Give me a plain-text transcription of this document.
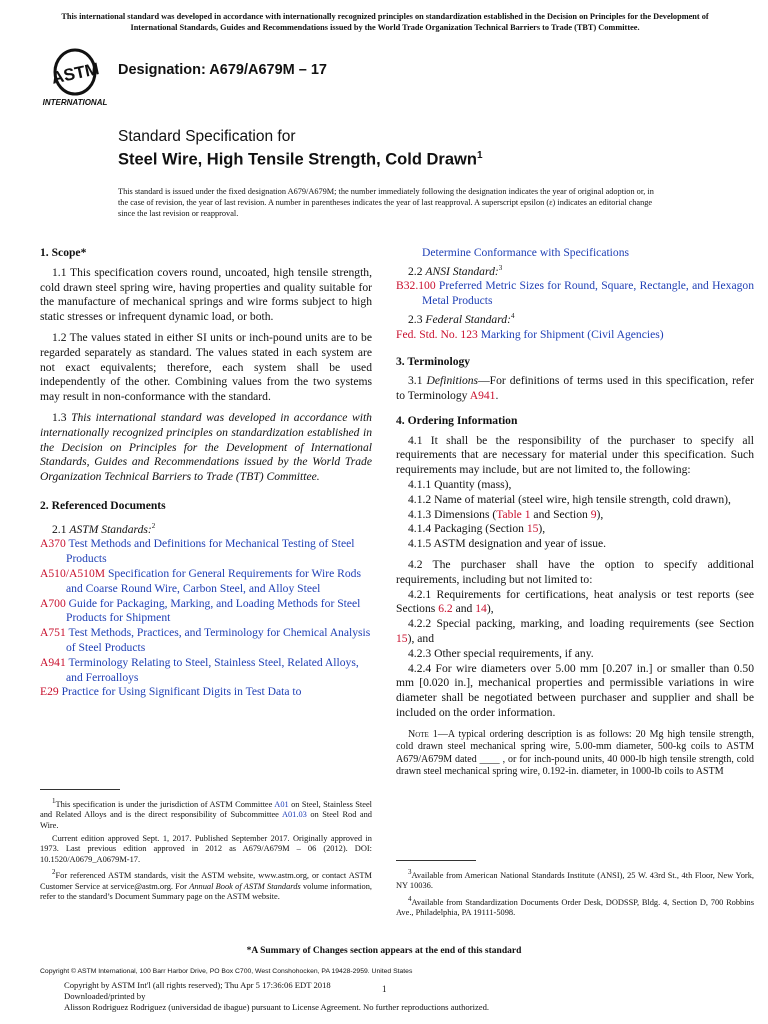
This international standard was developed in accordance with internationally recognized principles on standardization established in the Decision on Principles for the Development of International Standards, Guides and Recommendations issued by the World Trade Organization Technical Barriers to Trade (TBT) Committee.
ASTM
INTERNATIONAL
Designation: A679/A679M – 17
Standard Specification for
Steel Wire, High Tensile Strength, Cold Drawn$^1$
This standard is issued under the fixed designation A679/A679M; the number immediately following the designation indicates the year of original adoption or, in the case of revision, the year of last revision. A number in parentheses indicates the year of last reapproval. A superscript epsilon (ε) indicates an editorial change since the last revision or reapproval.
1. Scope*

1.1 This specification covers round, uncoated, high tensile strength, cold drawn steel spring wire, having properties and quality suitable for the manufacture of mechanical springs and wire forms subject to high static stresses or infrequent dynamic load, or both.

1.2 The values stated in either SI units or inch-pound units are to be regarded separately as standard. The values stated in each system are not exact equivalents; therefore, each system shall be used independently of the other. Combining values from the two systems may result in non-conformance with the standard.

1.3 This international standard was developed in accordance with internationally recognized principles on standardization established in the Decision on Principles for the Development of International Standards, Guides and Recommendations issued by the World Trade Organization Technical Barriers to Trade (TBT) Committee.

2. Referenced Documents
2.1 ASTM Standards:$^2$
A370 Test Methods and Definitions for Mechanical Testing of Steel Products
A510/A510M Specification for General Requirements for Wire Rods and Coarse Round Wire, Carbon Steel, and Alloy Steel
A700 Guide for Packaging, Marking, and Loading Methods for Steel Products for Shipment
A751 Test Methods, Practices, and Terminology for Chemical Analysis of Steel Products
A941 Terminology Relating to Steel, Stainless Steel, Related Alloys, and Ferroalloys
E29 Practice for Using Significant Digits in Test Data to

$^1$This specification is under the jurisdiction of ASTM Committee A01 on Steel, Stainless Steel and Related Alloys and is the direct responsibility of Subcommittee A01.03 on Steel Rod and Wire.

Current edition approved Sept. 1, 2017. Published September 2017. Originally approved in 1973. Last previous edition approved in 2012 as A679/A679M – 06 (2012). DOI: 10.1520/A0679_A0679M-17.

$^2$For referenced ASTM standards, visit the ASTM website, www.astm.org, or contact ASTM Customer Service at service@astm.org. For Annual Book of ASTM Standards volume information, refer to the standard’s Document Summary page on the ASTM website.

Determine Conformance with Specifications
2.2 ANSI Standard:$^3$
B32.100 Preferred Metric Sizes for Round, Square, Rectangle, and Hexagon Metal Products
2.3 Federal Standard:$^4$
Fed. Std. No. 123 Marking for Shipment (Civil Agencies)
3. Terminology

3.1 Definitions—For definitions of terms used in this specification, refer to Terminology A941.

4. Ordering Information

4.1 It shall be the responsibility of the purchaser to specify all requirements that are necessary for material under this specification. Such requirements may include, but are not limited to, the following:

4.1.1 Quantity (mass),
4.1.2 Name of material (steel wire, high tensile strength, cold drawn),
4.1.3 Dimensions (Table 1 and Section 9),
4.1.4 Packaging (Section 15),
4.1.5 ASTM designation and year of issue.
4.2 The purchaser shall have the option to specify additional requirements, including but not limited to:
4.2.1 Requirements for certifications, heat analysis or test reports (see Sections 6.2 and 14),
4.2.2 Special packing, marking, and loading requirements (see Section 15), and
4.2.3 Other special requirements, if any.
4.2.4 For wire diameters over 5.00 mm [0.207 in.] or smaller than 0.50 mm [0.020 in.], mechanical properties and permissible variations in wire diameter shall be negotiated between purchaser and supplier and shall be included on the order information.
Note 1—A typical ordering description is as follows: 20 Mg high tensile strength, cold drawn steel mechanical spring wire, 5.00-mm diameter, 500-kg coils to ASTM A679/A679M dated ____ , or for inch-pound units, 40 000-lb high tensile strength, cold drawn steel mechanical spring wire, 0.192-in. diameter, in 1000-lb coils to ASTM

$^3$Available from American National Standards Institute (ANSI), 25 W. 43rd St., 4th Floor, New York, NY 10036.

$^4$Available from Standardization Documents Order Desk, DODSSP, Bldg. 4, Section D, 700 Robbins Ave., Philadelphia, PA 19111-5098.

*A Summary of Changes section appears at the end of this standard
Copyright © ASTM International, 100 Barr Harbor Drive, PO Box C700, West Conshohocken, PA 19428-2959. United States
Copyright by ASTM Int'l (all rights reserved); Thu Apr 5 17:36:06 EDT 2018
Downloaded/printed by
Alisson Rodriguez Rodriguez (universidad de ibague) pursuant to License Agreement. No further reproductions authorized.
1
